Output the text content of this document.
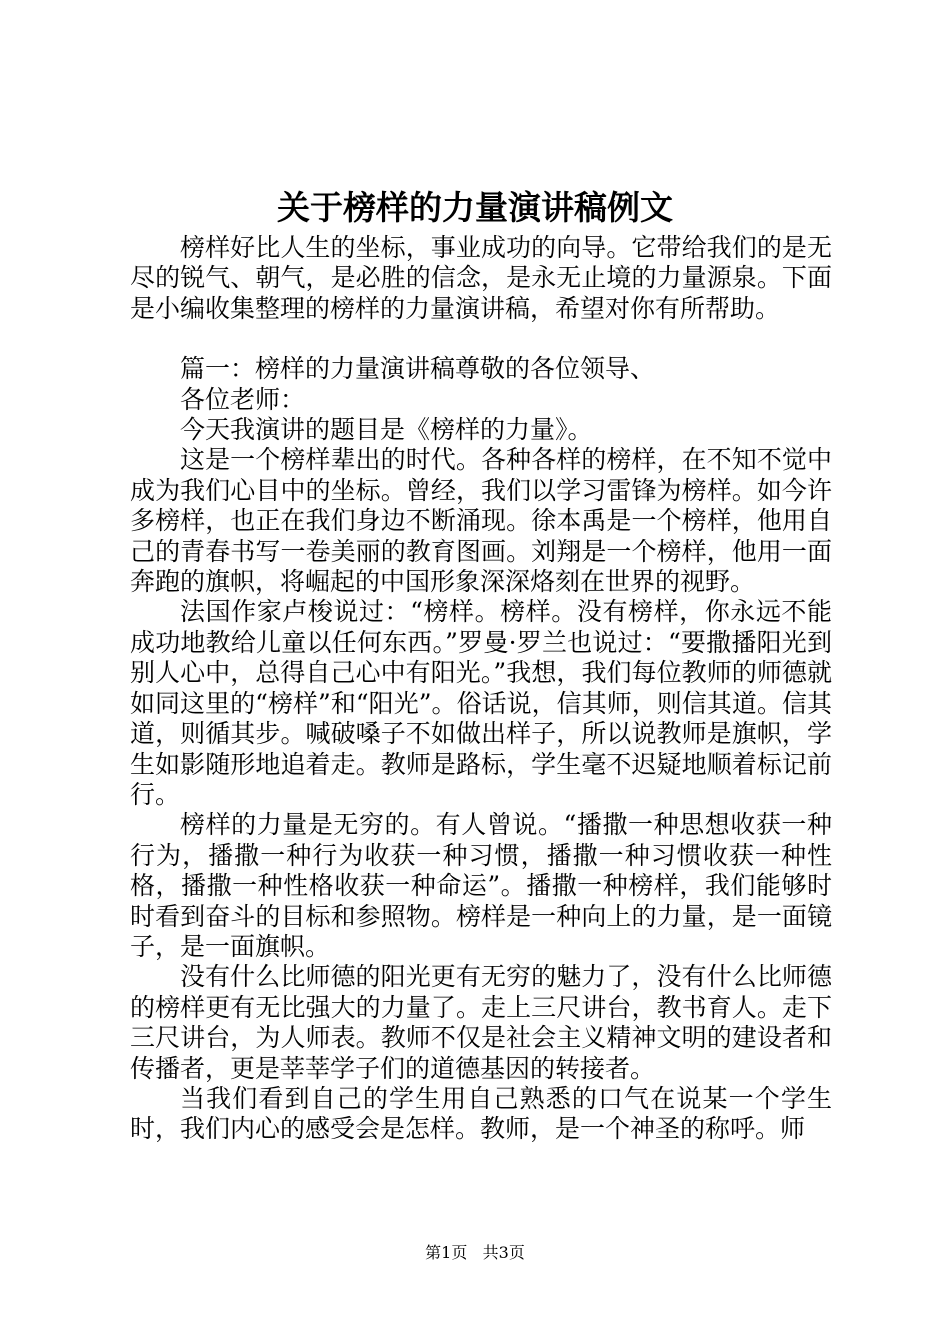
关于榜样的力量演讲稿例文

榜样好比人生的坐标，事业成功的向导。它带给我们的是无尽的锐气、朝气，是必胜的信念，是永无止境的力量源泉。下面是小编收集整理的榜样的力量演讲稿，希望对你有所帮助。

篇一：榜样的力量演讲稿尊敬的各位领导、

各位老师：

今天我演讲的题目是《榜样的力量》。

这是一个榜样辈出的时代。各种各样的榜样，在不知不觉中成为我们心目中的坐标。曾经，我们以学习雷锋为榜样。如今许多榜样，也正在我们身边不断涌现。徐本禹是一个榜样，他用自己的青春书写一卷美丽的教育图画。刘翔是一个榜样，他用一面奔跑的旗帜，将崛起的中国形象深深烙刻在世界的视野。

法国作家卢梭说过：“榜样。榜样。没有榜样，你永远不能成功地教给儿童以任何东西。”罗曼·罗兰也说过：“要撒播阳光到别人心中，总得自己心中有阳光。”我想，我们每位教师的师德就如同这里的“榜样”和“阳光”。俗话说，信其师，则信其道。信其道，则循其步。喊破嗓子不如做出样子，所以说教师是旗帜，学生如影随形地追着走。教师是路标，学生毫不迟疑地顺着标记前行。

榜样的力量是无穷的。有人曾说。“播撒一种思想收获一种行为，播撒一种行为收获一种习惯，播撒一种习惯收获一种性格，播撒一种性格收获一种命运”。播撒一种榜样，我们能够时时看到奋斗的目标和参照物。榜样是一种向上的力量，是一面镜子，是一面旗帜。

没有什么比师德的阳光更有无穷的魅力了，没有什么比师德的榜样更有无比强大的力量了。走上三尺讲台，教书育人。走下三尺讲台，为人师表。教师不仅是社会主义精神文明的建设者和传播者，更是莘莘学子们的道德基因的转接者。

当我们看到自己的学生用自己熟悉的口气在说某一个学生时，我们内心的感受会是怎样。教师，是一个神圣的称呼。师

第1页 共3页
